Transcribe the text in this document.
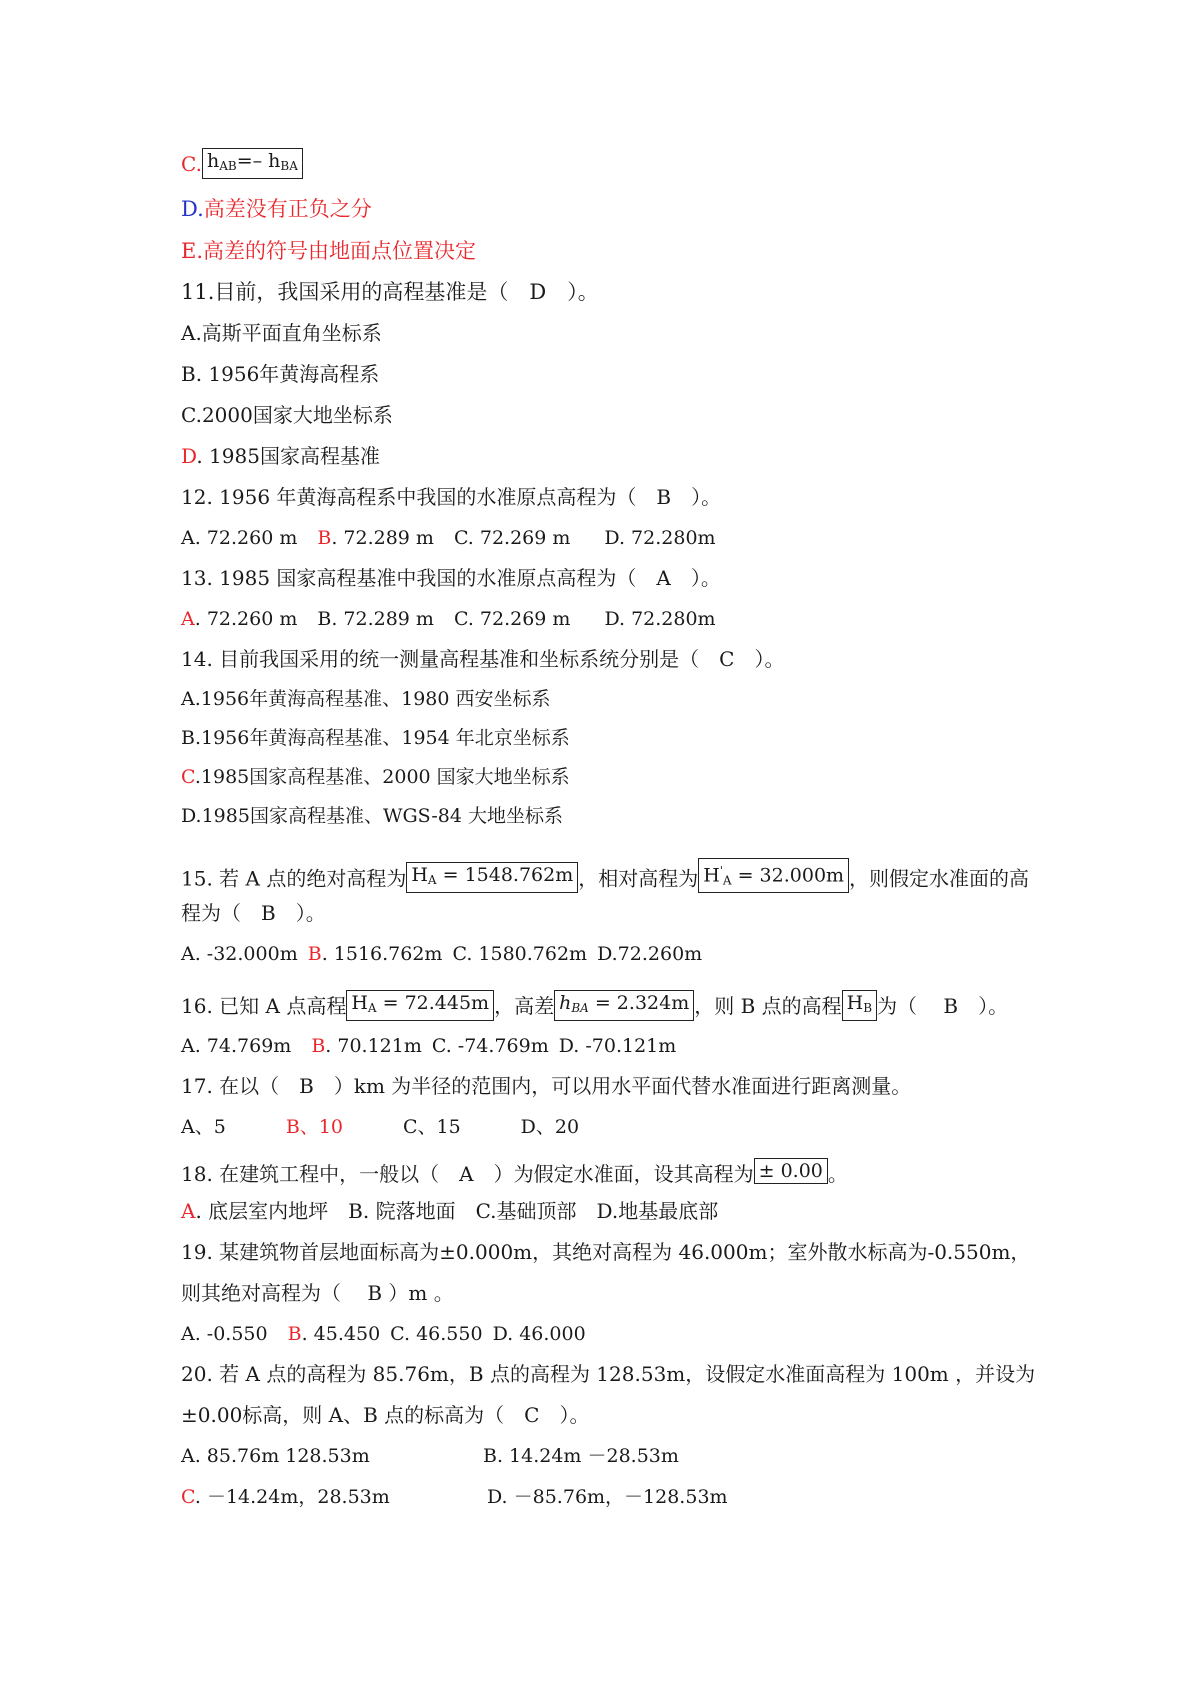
C. $h_{AB}=-$ $h_{BA}$
D.高差没有正负之分
E.高差的符号由地面点位置决定
11.目前，我国采用的高程基准是（　D　）。
A.高斯平面直角坐标系
B. 1956年黄海高程系
C.2000国家大地坐标系
D. 1985国家高程基准
12. 1956 年黄海高程系中我国的水准原点高程为（　B　）。
A. 72.260 m B. 72.289 m C. 72.269 m D. 72.280m
13. 1985 国家高程基准中我国的水准原点高程为（　A　）。
A. 72.260 m B. 72.289 m C. 72.269 m D. 72.280m
14. 目前我国采用的统一测量高程基准和坐标系统分别是（　C　）。
A.1956年黄海高程基准、1980 西安坐标系
B.1956年黄海高程基准、1954 年北京坐标系
C.1985国家高程基准、2000 国家大地坐标系
D.1985国家高程基准、WGS-84 大地坐标系
15. 若 A 点的绝对高程为 $H_A = 1548.762m$ ，相对高程为 $H'_A = 32.000m$ ，则假定水准面的高
程为（　B　）。
A. -32.000m B. 1516.762m C. 1580.762m D.72.260m
16. 已知 A 点高程 $H_A = 72.445m$ ，高差 $h_{BA} = 2.324m$ ，则 B 点的高程 $H_B$ 为（　 B　）。
A. 74.769m B. 70.121m C. -74.769m D. -70.121m
17. 在以（　B　）km 为半径的范围内，可以用水平面代替水准面进行距离测量。
A、5	B、10	C、15	D、20
18. 在建筑工程中，一般以（　A　）为假定水准面，设其高程为 ± 0.00 。
A. 底层室内地坪 B. 院落地面 C.基础顶部 D.地基最底部
19. 某建筑物首层地面标高为±0.000m，其绝对高程为 46.000m；室外散水标高为-0.550m，
则其绝对高程为（　 B ）m 。
A. -0.550 B. 45.450 C. 46.550 D. 46.000
20. 若 A 点的高程为 85.76m，B 点的高程为 128.53m，设假定水准面高程为 100m ，并设为
±0.00标高，则 A、B 点的标高为（　C　）。
A. 85.76m 128.53m	B. 14.24m －28.53m
C. －14.24m，28.53m	D. －85.76m，－128.53m
